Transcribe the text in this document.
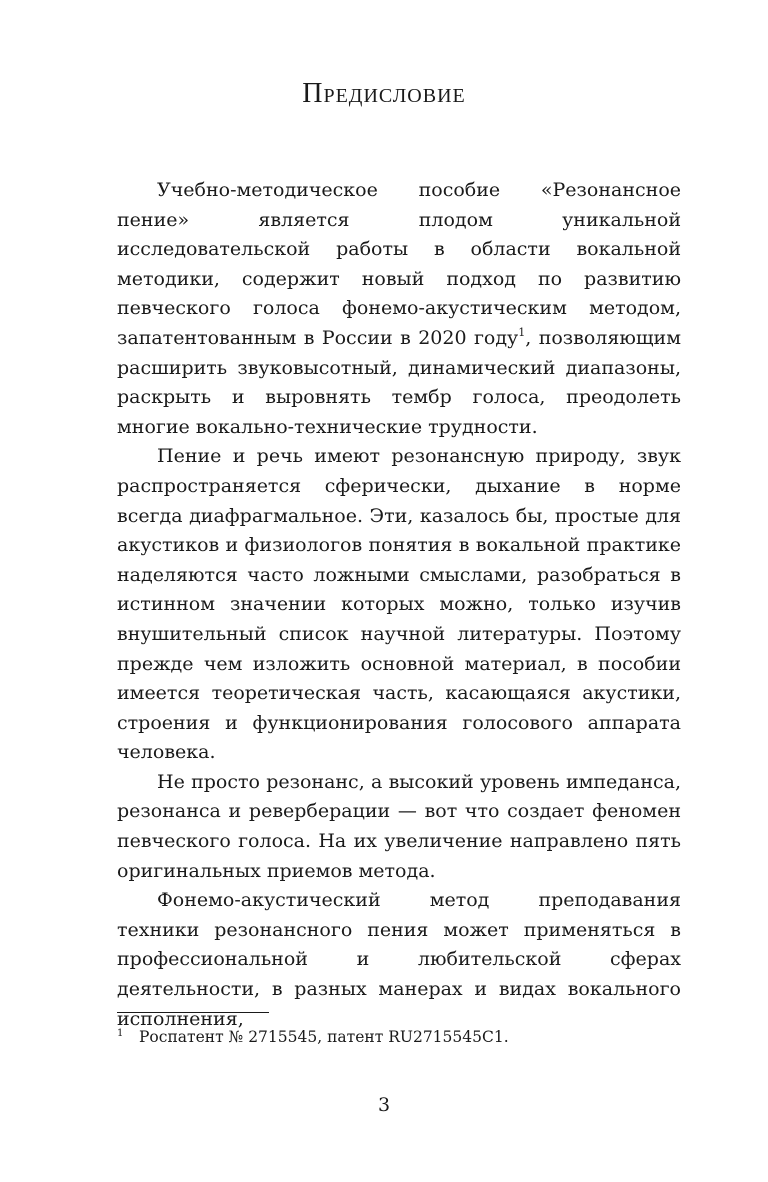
Предисловие

Учебно-методическое пособие «Резонансное пение» является плодом уникальной исследовательской работы в области вокальной методики, содержит новый подход по развитию певческого голоса фонемо-акустическим методом, запатентованным в России в 2020 году$^1$, позволяющим расширить звуковысотный, динамический диапазоны, раскрыть и выровнять тембр голоса, преодолеть многие вокально-технические трудности.

Пение и речь имеют резонансную природу, звук распространяется сферически, дыхание в норме всегда диафрагмальное. Эти, казалось бы, простые для акустиков и физиологов понятия в вокальной практике наделяются часто ложными смыслами, разобраться в истинном значении которых можно, только изучив внушительный список научной литературы. Поэтому прежде чем изложить основной материал, в пособии имеется теоретическая часть, касающаяся акустики, строения и функционирования голосового аппарата человека.

Не просто резонанс, а высокий уровень импеданса, резонанса и реверберации — вот что создает феномен певческого голоса. На их увеличение направлено пять оригинальных приемов метода.

Фонемо-акустический метод преподавания техники резонансного пения может применяться в профессиональной и любительской сферах деятельности, в разных манерах и видах вокального исполнения,

1 Роспатент № 2715545, патент RU2715545C1.
3
